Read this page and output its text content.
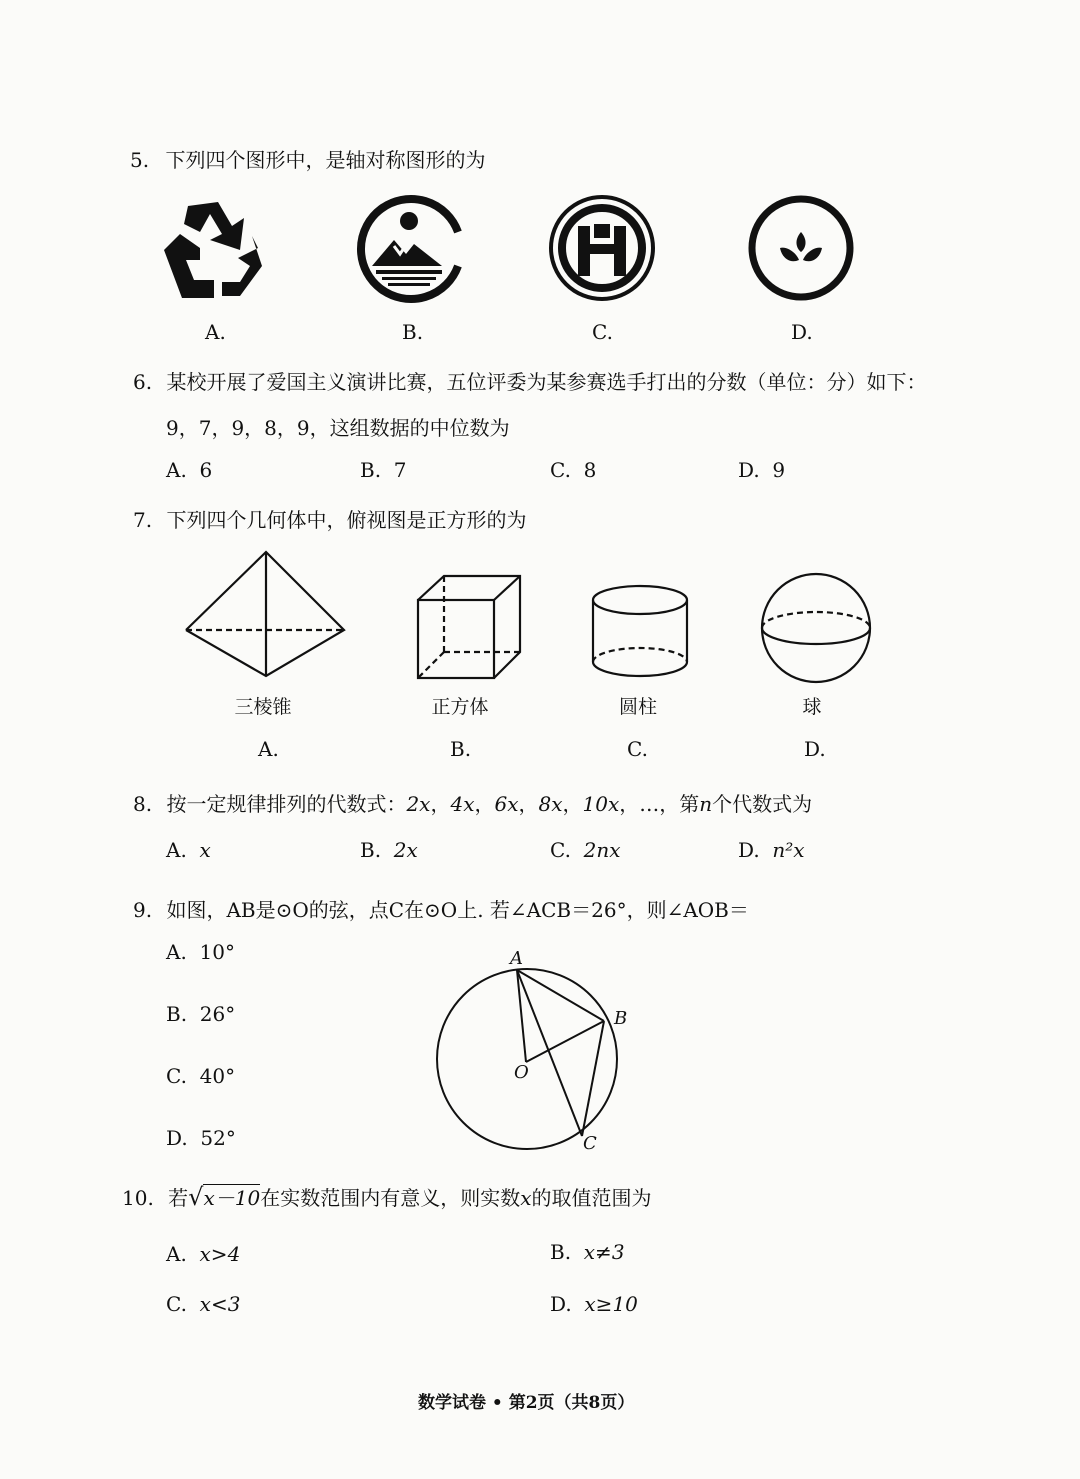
5. 下列四个图形中，是轴对称图形的为
A.	B.	C.	D.
6. 某校开展了爱国主义演讲比赛，五位评委为某参赛选手打出的分数（单位：分）如下：
9，7，9，8，9，这组数据的中位数为
A. 6	B. 7	C. 8	D. 9
7. 下列四个几何体中，俯视图是正方形的为
三棱锥	正方体	圆柱	球
A.	B.	C.	D.
8. 按一定规律排列的代数式：2x，4x，6x，8x，10x，…，第n个代数式为
A. x	B. 2x	C. 2nx	D. n²x
9. 如图，AB是⊙O的弦，点C在⊙O上. 若∠ACB＝26°，则∠AOB＝
A. 10°
B. 26°
C. 40°
D. 52°
A
B
O
C
10. 若√x－10在实数范围内有意义，则实数x的取值范围为
A. x>4	B. x≠3
C. x<3	D. x≥10
数学试卷 • 第2页（共8页）
